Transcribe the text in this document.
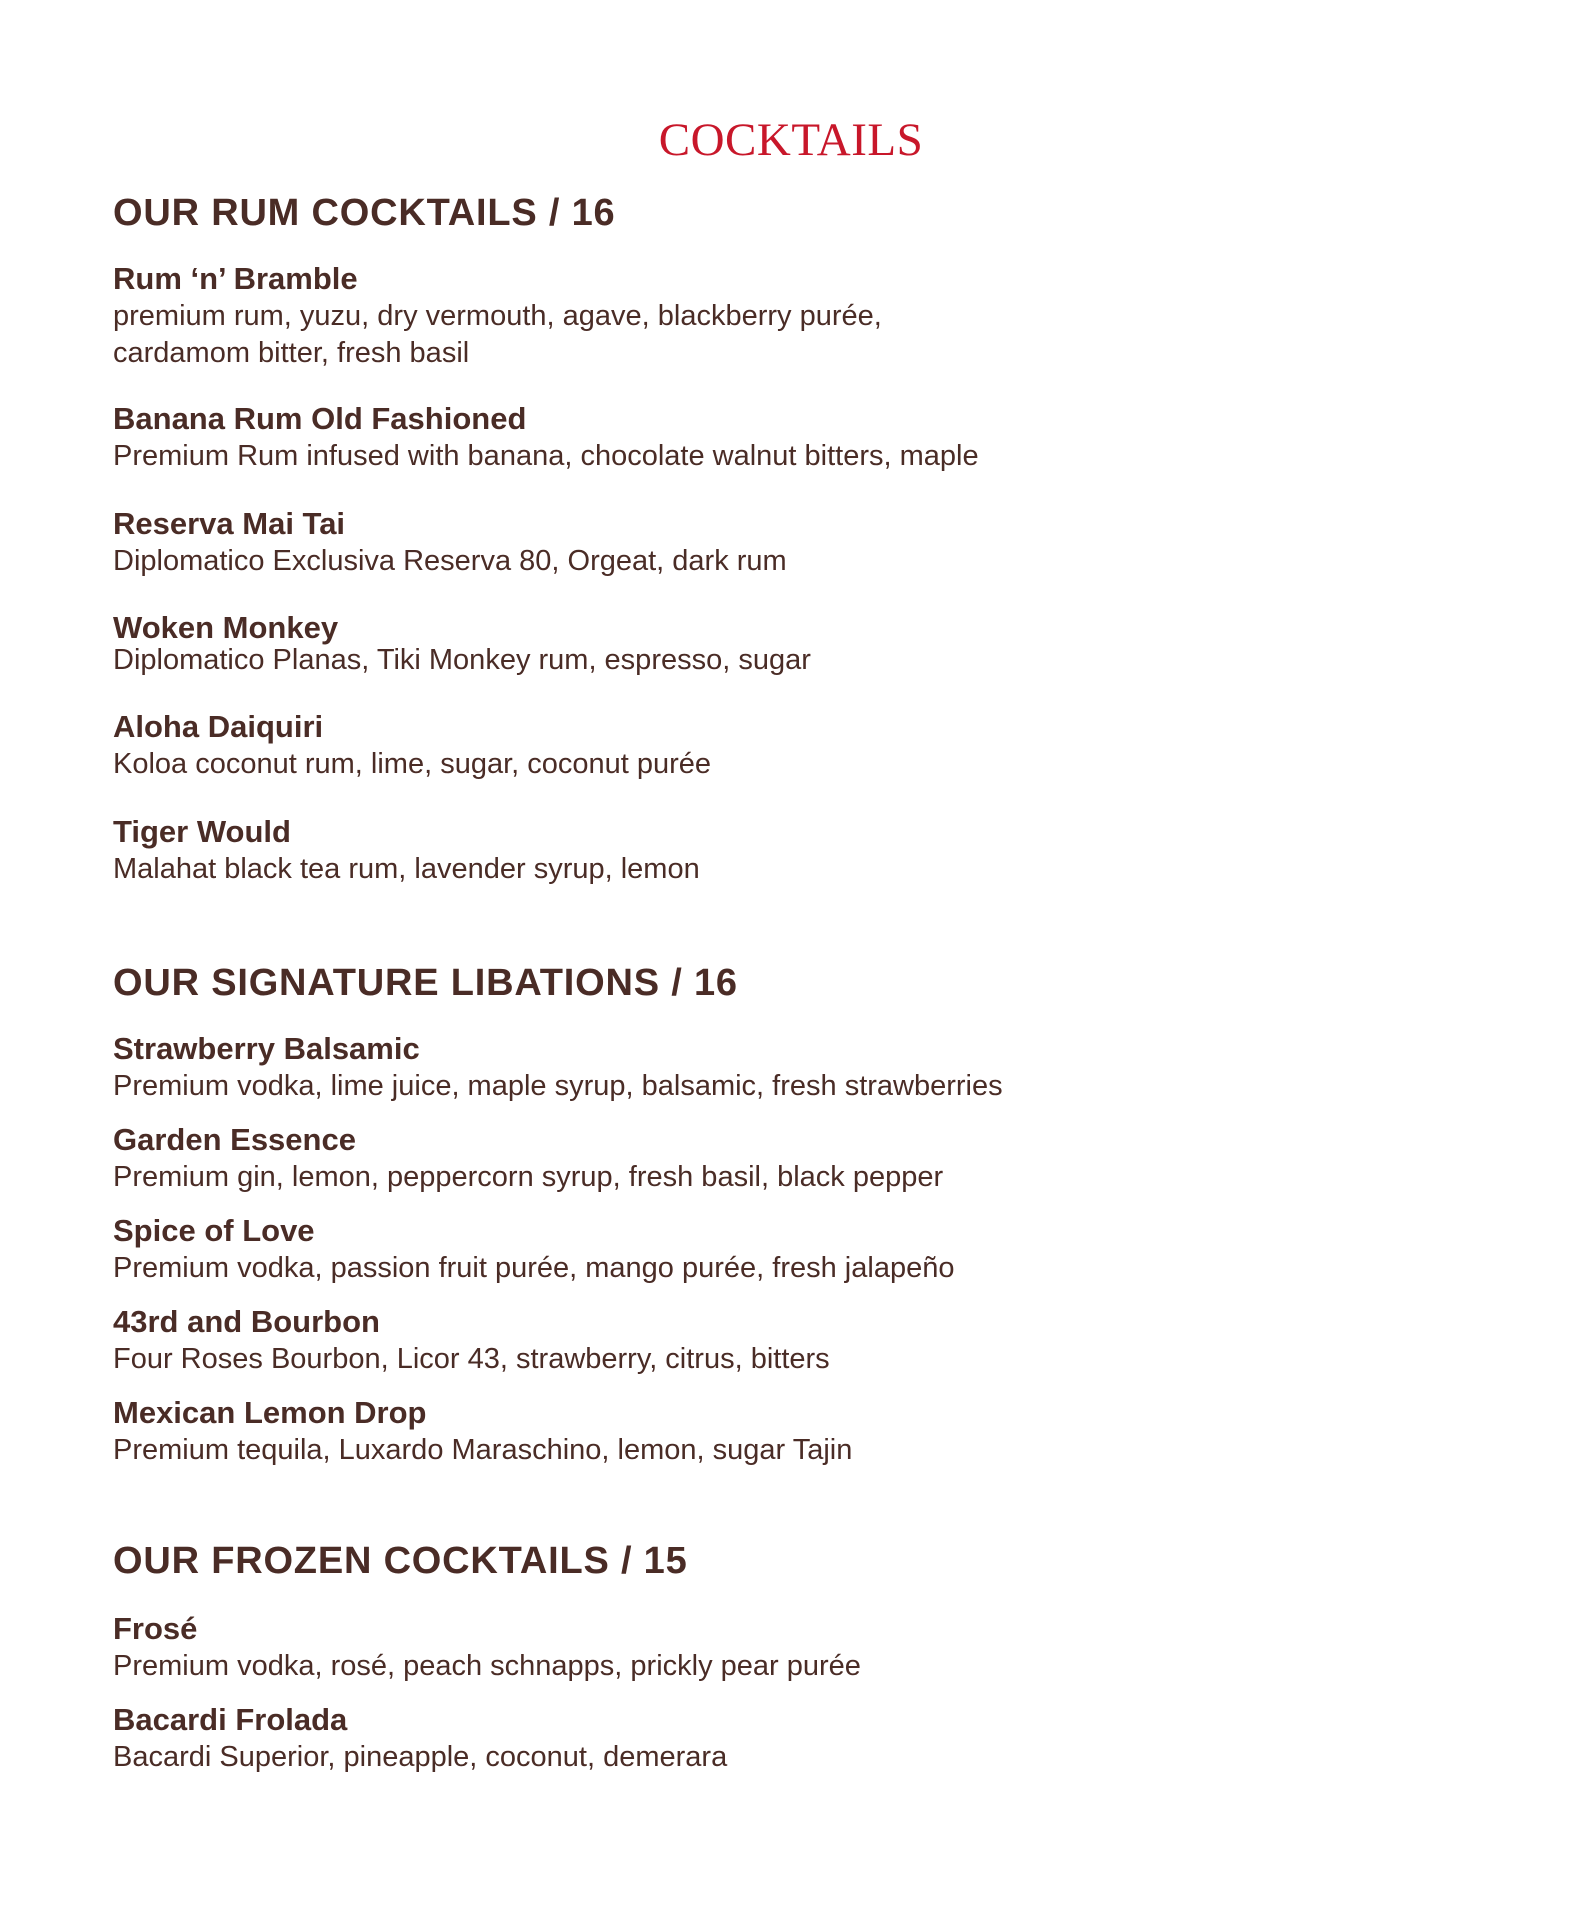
COCKTAILS
OUR RUM COCKTAILS / 16
Rum ‘n’ Bramble
premium rum, yuzu, dry vermouth, agave, blackberry purée,
cardamom bitter, fresh basil
Banana Rum Old Fashioned
Premium Rum infused with banana, chocolate walnut bitters, maple
Reserva Mai Tai
Diplomatico Exclusiva Reserva 80, Orgeat, dark rum
Woken Monkey
Diplomatico Planas, Tiki Monkey rum, espresso, sugar
Aloha Daiquiri
Koloa coconut rum, lime, sugar, coconut purée
Tiger Would
Malahat black tea rum, lavender syrup, lemon
OUR SIGNATURE LIBATIONS / 16
Strawberry Balsamic
Premium vodka, lime juice, maple syrup, balsamic, fresh strawberries
Garden Essence
Premium gin, lemon, peppercorn syrup, fresh basil, black pepper
Spice of Love
Premium vodka, passion fruit purée, mango purée, fresh jalapeño
43rd and Bourbon
Four Roses Bourbon, Licor 43, strawberry, citrus, bitters
Mexican Lemon Drop
Premium tequila, Luxardo Maraschino, lemon, sugar Tajin
OUR FROZEN COCKTAILS / 15
Frosé
Premium vodka, rosé, peach schnapps, prickly pear purée
Bacardi Frolada
Bacardi Superior, pineapple, coconut, demerara
